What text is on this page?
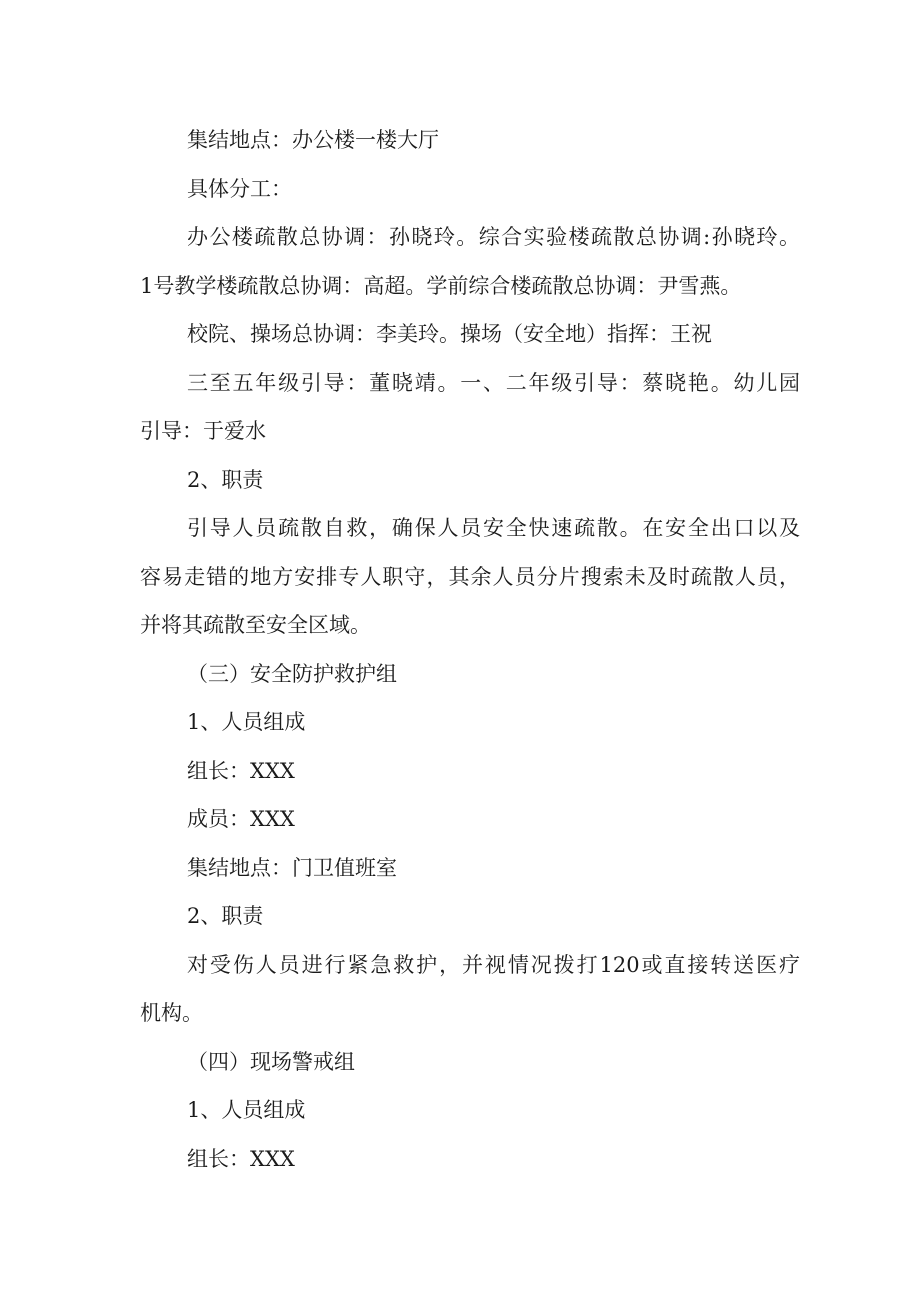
集结地点：办公楼一楼大厅

具体分工：

办公楼疏散总协调：孙晓玲。综合实验楼疏散总协调:孙晓玲。
1号教学楼疏散总协调：高超。学前综合楼疏散总协调：尹雪燕。

校院、操场总协调：李美玲。操场（安全地）指挥：王祝

三至五年级引导：董晓靖。一、二年级引导：蔡晓艳。幼儿园
引导：于爱水

2、职责

引导人员疏散自救，确保人员安全快速疏散。在安全出口以及
容易走错的地方安排专人职守，其余人员分片搜索未及时疏散人员，
并将其疏散至安全区域。

（三）安全防护救护组

1、人员组成

组长：XXX

成员：XXX

集结地点：门卫值班室

2、职责

对受伤人员进行紧急救护，并视情况拨打120或直接转送医疗
机构。

（四）现场警戒组

1、人员组成

组长：XXX
